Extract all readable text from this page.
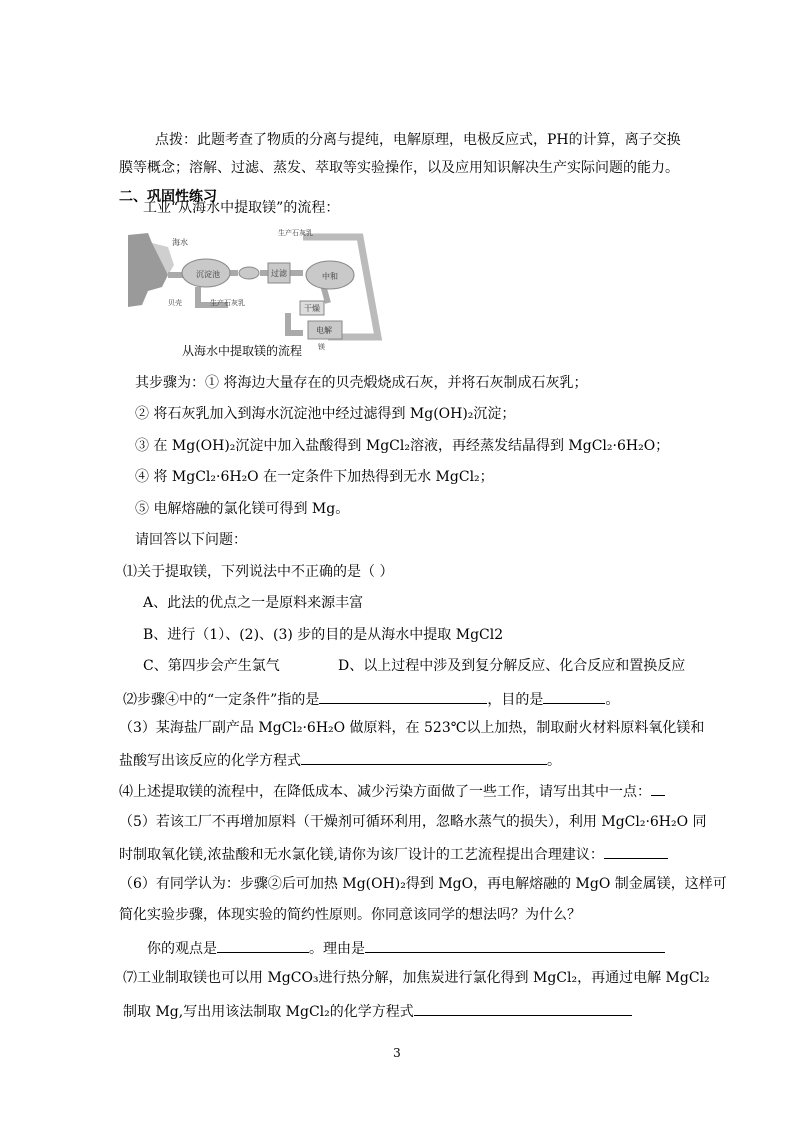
点拨：此题考查了物质的分离与提纯，电解原理，电极反应式，PH的计算，离子交换
膜等概念；溶解、过滤、蒸发、萃取等实验操作，以及应用知识解决生产实际问题的能力。
二、巩固性练习
工业“从海水中提取镁”的流程：
沉淀池	过滤	中和
干燥
电解
海水
生产石灰乳
贝壳	生产石灰乳
镁
从海水中提取镁的流程
其步骤为：① 将海边大量存在的贝壳煅烧成石灰，并将石灰制成石灰乳；
② 将石灰乳加入到海水沉淀池中经过滤得到 Mg(OH)₂沉淀；
③ 在 Mg(OH)₂沉淀中加入盐酸得到 MgCl₂溶液，再经蒸发结晶得到 MgCl₂·6H₂O；
④ 将 MgCl₂·6H₂O 在一定条件下加热得到无水 MgCl₂；
⑤ 电解熔融的氯化镁可得到 Mg。
请回答以下问题：
⑴关于提取镁，下列说法中不正确的是（ ）
A、此法的优点之一是原料来源丰富
B、进行（1）、(2)、(3) 步的目的是从海水中提取 MgCl2
C、第四步会产生氯气	D、以上过程中涉及到复分解反应、化合反应和置换反应
⑵步骤④中的“一定条件”指的是	，目的是	。
（3）某海盐厂副产品 MgCl₂·6H₂O 做原料，在 523℃以上加热，制取耐火材料原料氧化镁和
盐酸写出该反应的化学方程式	。
⑷上述提取镁的流程中，在降低成本、减少污染方面做了一些工作，请写出其中一点：
（5）若该工厂不再增加原料（干燥剂可循环利用，忽略水蒸气的损失），利用 MgCl₂·6H₂O 同
时制取氧化镁,浓盐酸和无水氯化镁,请你为该厂设计的工艺流程提出合理建议：
（6）有同学认为：步骤②后可加热 Mg(OH)₂得到 MgO，再电解熔融的 MgO 制金属镁，这样可
简化实验步骤，体现实验的简约性原则。你同意该同学的想法吗？为什么？
你的观点是	。理由是
⑺工业制取镁也可以用 MgCO₃进行热分解，加焦炭进行氯化得到 MgCl₂，再通过电解 MgCl₂
制取 Mg,写出用该法制取 MgCl₂的化学方程式
3
